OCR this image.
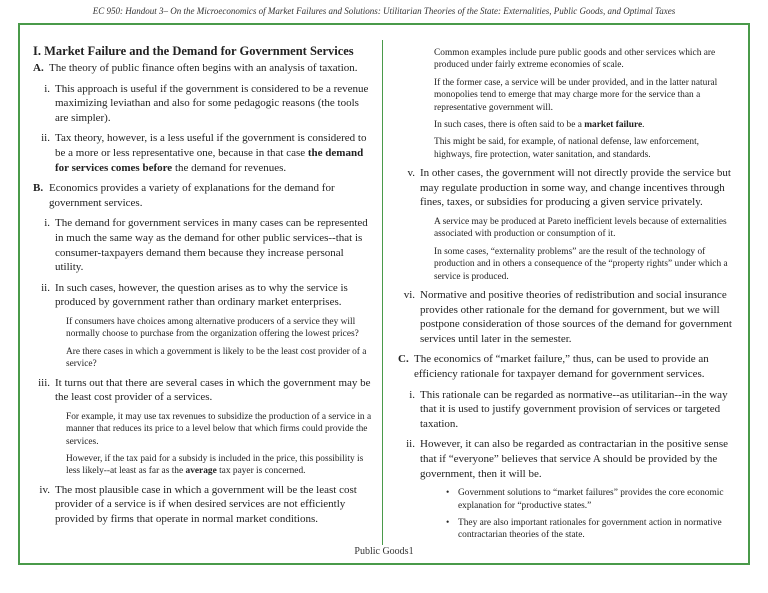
EC 950: Handout 3– On the Microeconomics of Market Failures and Solutions: Utilitarian Theories of the State: Externalities, Public Goods, and Optimal Taxes
I. Market Failure and the Demand for Government Services
A. The theory of public finance often begins with an analysis of taxation.
i. This approach is useful if the government is considered to be a revenue maximizing leviathan and also for some pedagogic reasons (the tools are simpler).
ii. Tax theory, however, is a less useful if the government is considered to be a more or less representative one, because in that case the demand for services comes before the demand for revenues.
B. Economics provides a variety of explanations for the demand for government services.
i. The demand for government services in many cases can be represented in much the same way as the demand for other public services--that is consumer-taxpayers demand them because they increase personal utility.
ii. In such cases, however, the question arises as to why the service is produced by government rather than ordinary market enterprises.
If consumers have choices among alternative producers of a service they will normally choose to purchase from the organization offering the lowest prices?
Are there cases in which a government is likely to be the least cost provider of a service?
iii. It turns out that there are several cases in which the government may be the least cost provider of a services.
For example, it may use tax revenues to subsidize the production of a service in a manner that reduces its price to a level below that which firms could provide the services.
However, if the tax paid for a subsidy is included in the price, this possibility is less likely--at least as far as the average tax payer is concerned.
iv. The most plausible case in which a government will be the least cost provider of a service is if when desired services are not efficiently provided by firms that operate in normal market conditions.
Common examples include pure public goods and other services which are produced under fairly extreme economies of scale.
If the former case, a service will be under provided, and in the latter natural monopolies tend to emerge that may charge more for the service than a representative government will.
In such cases, there is often said to be a market failure.
This might be said, for example, of national defense, law enforcement, highways, fire protection, water sanitation, and standards.
v. In other cases, the government will not directly provide the service but may regulate production in some way, and change incentives through fines, taxes, or subsidies for producing a given service privately.
A service may be produced at Pareto inefficient levels because of externalities associated with production or consumption of it.
In some cases, “externality problems” are the result of the technology of production and in others a consequence of the “property rights” under which a service is produced.
vi. Normative and positive theories of redistribution and social insurance provides other rationale for the demand for government, but we will postpone consideration of those sources of the demand for government services until later in the semester.
C. The economics of “market failure,” thus, can be used to provide an efficiency rationale for taxpayer demand for government services.
i. This rationale can be regarded as normative--as utilitarian--in the way that it is used to justify government provision of services or targeted taxation.
ii. However, it can also be regarded as contractarian in the positive sense that if “everyone” believes that service A should be provided by the government, then it will be.
• Government solutions to “market failures” provides the core economic explanation for “productive states.”
• They are also important rationales for government action in normative contractarian theories of the state.
Public Goods1
